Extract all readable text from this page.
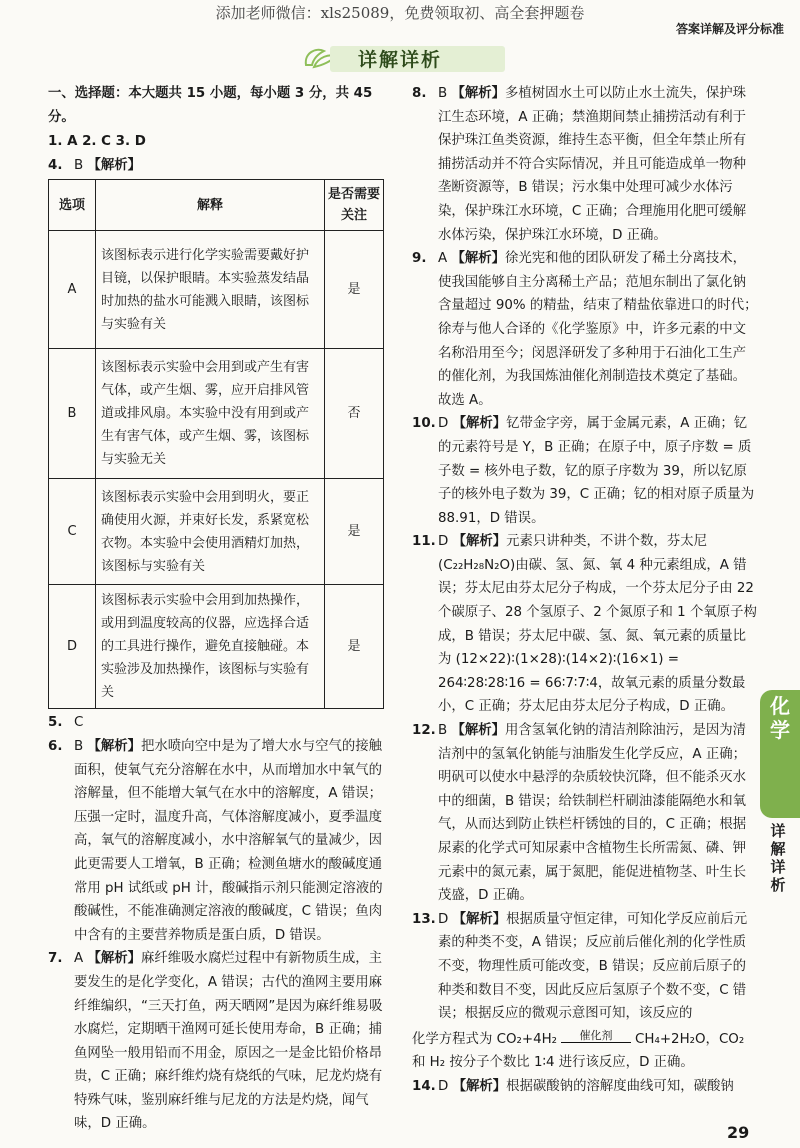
添加老师微信：xls25089，免费领取初、高全套押题卷
答案详解及评分标准
详解详析

一、选择题：本大题共 15 小题，每小题 3 分，共 45 分。

1. A 2. C 3. D

4. B 【解析】

选项	解释	是否需要关注
A	该图标表示进行化学实验需要戴好护目镜，以保护眼睛。本实验蒸发结晶时加热的盐水可能溅入眼睛，该图标与实验有关	是
B	该图标表示实验中会用到或产生有害气体，或产生烟、雾，应开启排风管道或排风扇。本实验中没有用到或产生有害气体，或产生烟、雾，该图标与实验无关	否
C	该图标表示实验中会用到明火，要正确使用火源，并束好长发，系紧宽松衣物。本实验中会使用酒精灯加热，该图标与实验有关	是
D	该图标表示实验中会用到加热操作，或用到温度较高的仪器，应选择合适的工具进行操作，避免直接触碰。本实验涉及加热操作，该图标与实验有关	是

5. C

6. B 【解析】把水喷向空中是为了增大水与空气的接触面积，使氧气充分溶解在水中，从而增加水中氧气的溶解量，但不能增大氧气在水中的溶解度，A 错误；压强一定时，温度升高，气体溶解度减小，夏季温度高，氧气的溶解度减小，水中溶解氧气的量减少，因此更需要人工增氧，B 正确；检测鱼塘水的酸碱度通常用 pH 试纸或 pH 计，酸碱指示剂只能测定溶液的酸碱性，不能准确测定溶液的酸碱度，C 错误；鱼肉中含有的主要营养物质是蛋白质，D 错误。

7. A 【解析】麻纤维吸水腐烂过程中有新物质生成，主要发生的是化学变化，A 错误；古代的渔网主要用麻纤维编织，“三天打鱼，两天晒网”是因为麻纤维易吸水腐烂，定期晒干渔网可延长使用寿命，B 正确；捕鱼网坠一般用铅而不用金，原因之一是金比铅价格昂贵，C 正确；麻纤维灼烧有烧纸的气味，尼龙灼烧有特殊气味，鉴别麻纤维与尼龙的方法是灼烧，闻气味，D 正确。

8. B 【解析】多植树固水土可以防止水土流失，保护珠江生态环境，A 正确；禁渔期间禁止捕捞活动有利于保护珠江鱼类资源，维持生态平衡，但全年禁止所有捕捞活动并不符合实际情况，并且可能造成单一物种垄断资源等，B 错误；污水集中处理可减少水体污染，保护珠江水环境，C 正确；合理施用化肥可缓解水体污染，保护珠江水环境，D 正确。

9. A 【解析】徐光宪和他的团队研发了稀土分离技术，使我国能够自主分离稀土产品；范旭东制出了氯化钠含量超过 90% 的精盐，结束了精盐依靠进口的时代；徐寿与他人合译的《化学鉴原》中，许多元素的中文名称沿用至今；闵恩泽研发了多种用于石油化工生产的催化剂，为我国炼油催化剂制造技术奠定了基础。故选 A。

10. D 【解析】钇带金字旁，属于金属元素，A 正确；钇的元素符号是 Y，B 正确；在原子中，原子序数 = 质子数 = 核外电子数，钇的原子序数为 39，所以钇原子的核外电子数为 39，C 正确；钇的相对原子质量为 88.91，D 错误。

11. D 【解析】元素只讲种类，不讲个数，芬太尼 (C₂₂H₂₈N₂O)由碳、氢、氮、氧 4 种元素组成，A 错误；芬太尼由芬太尼分子构成，一个芬太尼分子由 22 个碳原子、28 个氢原子、2 个氮原子和 1 个氧原子构成，B 错误；芬太尼中碳、氢、氮、氧元素的质量比为 (12×22)∶(1×28)∶(14×2)∶(16×1) = 264∶28∶28∶16 = 66∶7∶7∶4，故氧元素的质量分数最小，C 正确；芬太尼由芬太尼分子构成，D 正确。

12. B 【解析】用含氢氧化钠的清洁剂除油污，是因为清洁剂中的氢氧化钠能与油脂发生化学反应，A 正确；明矾可以使水中悬浮的杂质较快沉降，但不能杀灭水中的细菌，B 错误；给铁制栏杆刷油漆能隔绝水和氧气，从而达到防止铁栏杆锈蚀的目的，C 正确；根据尿素的化学式可知尿素中含植物生长所需氮、磷、钾元素中的氮元素，属于氮肥，能促进植物茎、叶生长茂盛，D 正确。

13. D 【解析】根据质量守恒定律，可知化学反应前后元素的种类不变，A 错误；反应前后催化剂的化学性质不变，物理性质可能改变，B 错误；反应前后原子的种类和数目不变，因此反应后氢原子个数不变，C 错误；根据反应的微观示意图可知，该反应的

化学方程式为 CO₂+4H₂ 催化剂 CH₄+2H₂O，CO₂

和 H₂ 按分子个数比 1∶4 进行该反应，D 正确。

14. D 【解析】根据碳酸钠的溶解度曲线可知，碳酸钠

化学
详解详析
29
